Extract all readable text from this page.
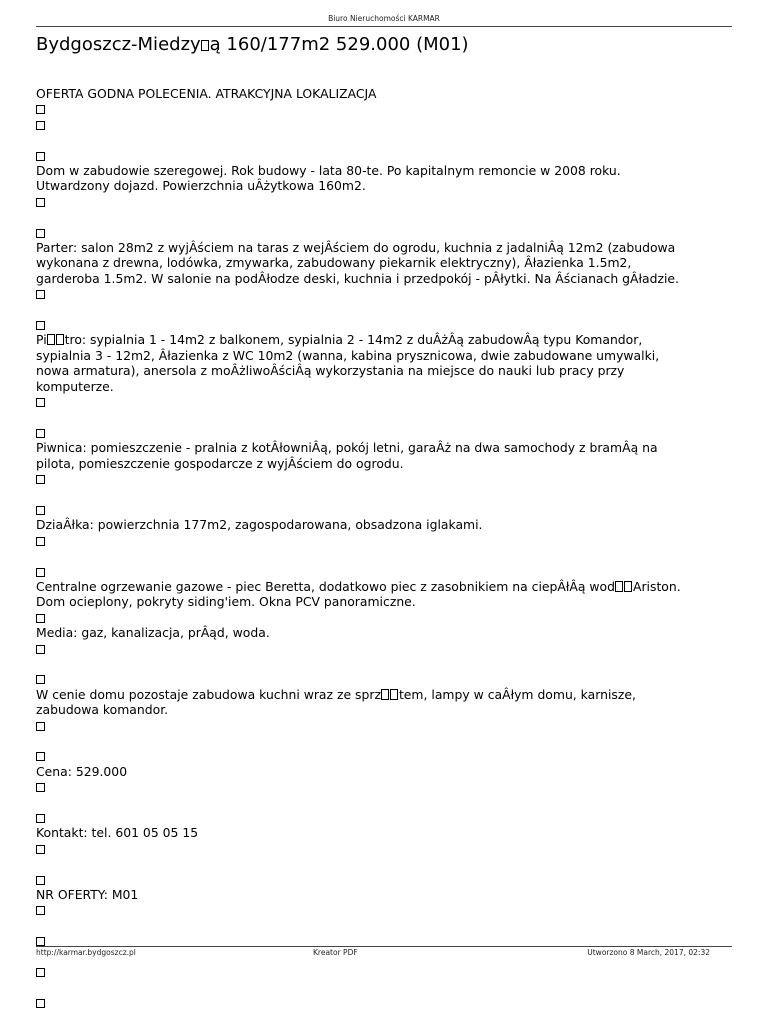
Biuro Nieruchomości KARMAR
Bydgoszcz-Miedzy ą 160/177m2 529.000 (M01)

OFERTA GODNA POLECENIA. ATRAKCYJNA LOKALIZACJA

Dom w zabudowie szeregowej. Rok budowy - lata 80-te. Po kapitalnym remoncie w 2008 roku.

Utwardzony dojazd. Powierzchnia uÂżytkowa 160m2.

Parter: salon 28m2 z wyjÂściem na taras z wejÂściem do ogrodu, kuchnia z jadalniÂą 12m2 (zabudowa

wykonana z drewna, lodówka, zmywarka, zabudowany piekarnik elektryczny), Âłazienka 1.5m2,

garderoba 1.5m2. W salonie na podÂłodze deski, kuchnia i przedpokój - pÂłytki. Na Âścianach gÂładzie.

Pi tro: sypialnia 1 - 14m2 z balkonem, sypialnia 2 - 14m2 z duÂżÂą zabudowÂą typu Komandor,

sypialnia 3 - 12m2, Âłazienka z WC 10m2 (wanna, kabina prysznicowa, dwie zabudowane umywalki,

nowa armatura), anersola z moÂżliwoÂściÂą wykorzystania na miejsce do nauki lub pracy przy

komputerze.

Piwnica: pomieszczenie - pralnia z kotÂłowniÂą, pokój letni, garaÂż na dwa samochody z bramÂą na

pilota, pomieszczenie gospodarcze z wyjÂściem do ogrodu.

DziaÂłka: powierzchnia 177m2, zagospodarowana, obsadzona iglakami.

Centralne ogrzewanie gazowe - piec Beretta, dodatkowo piec z zasobnikiem na ciepÂłÂą wod Ariston.

Dom ocieplony, pokryty siding'iem. Okna PCV panoramiczne.

Media: gaz, kanalizacja, prÂąd, woda.

W cenie domu pozostaje zabudowa kuchni wraz ze sprz tem, lampy w caÂłym domu, karnisze,

zabudowa komandor.

Cena: 529.000

Kontakt: tel. 601 05 05 15

NR OFERTY: M01

http://karmar.bydgoszcz.pl	Kreator PDF	Utworzono 8 March, 2017, 02:32
